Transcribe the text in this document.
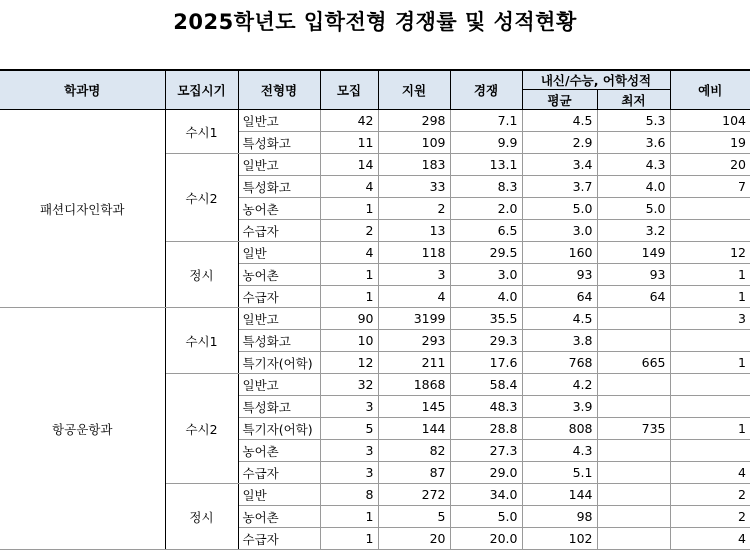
2025학년도 입학전형 경쟁률 및 성적현황
학과명	모집시기	전형명	모집	지원	경쟁	내신/수능, 어학성적		예비
						평균	최저	
패션디자인학과	수시1	일반고	42	298	7.1	4.5	5.3	104
		특성화고	11	109	9.9	2.9	3.6	19
	수시2	일반고	14	183	13.1	3.4	4.3	20
		특성화고	4	33	8.3	3.7	4.0	7
		농어촌	1	2	2.0	5.0	5.0	
		수급자	2	13	6.5	3.0	3.2	
	정시	일반	4	118	29.5	160	149	12
		농어촌	1	3	3.0	93	93	1
		수급자	1	4	4.0	64	64	1
항공운항과	수시1	일반고	90	3199	35.5	4.5		3
		특성화고	10	293	29.3	3.8		
		특기자(어학)	12	211	17.6	768	665	1
	수시2	일반고	32	1868	58.4	4.2		
		특성화고	3	145	48.3	3.9		
		특기자(어학)	5	144	28.8	808	735	1
		농어촌	3	82	27.3	4.3		
		수급자	3	87	29.0	5.1		4
	정시	일반	8	272	34.0	144		2
		농어촌	1	5	5.0	98		2
		수급자	1	20	20.0	102		4
